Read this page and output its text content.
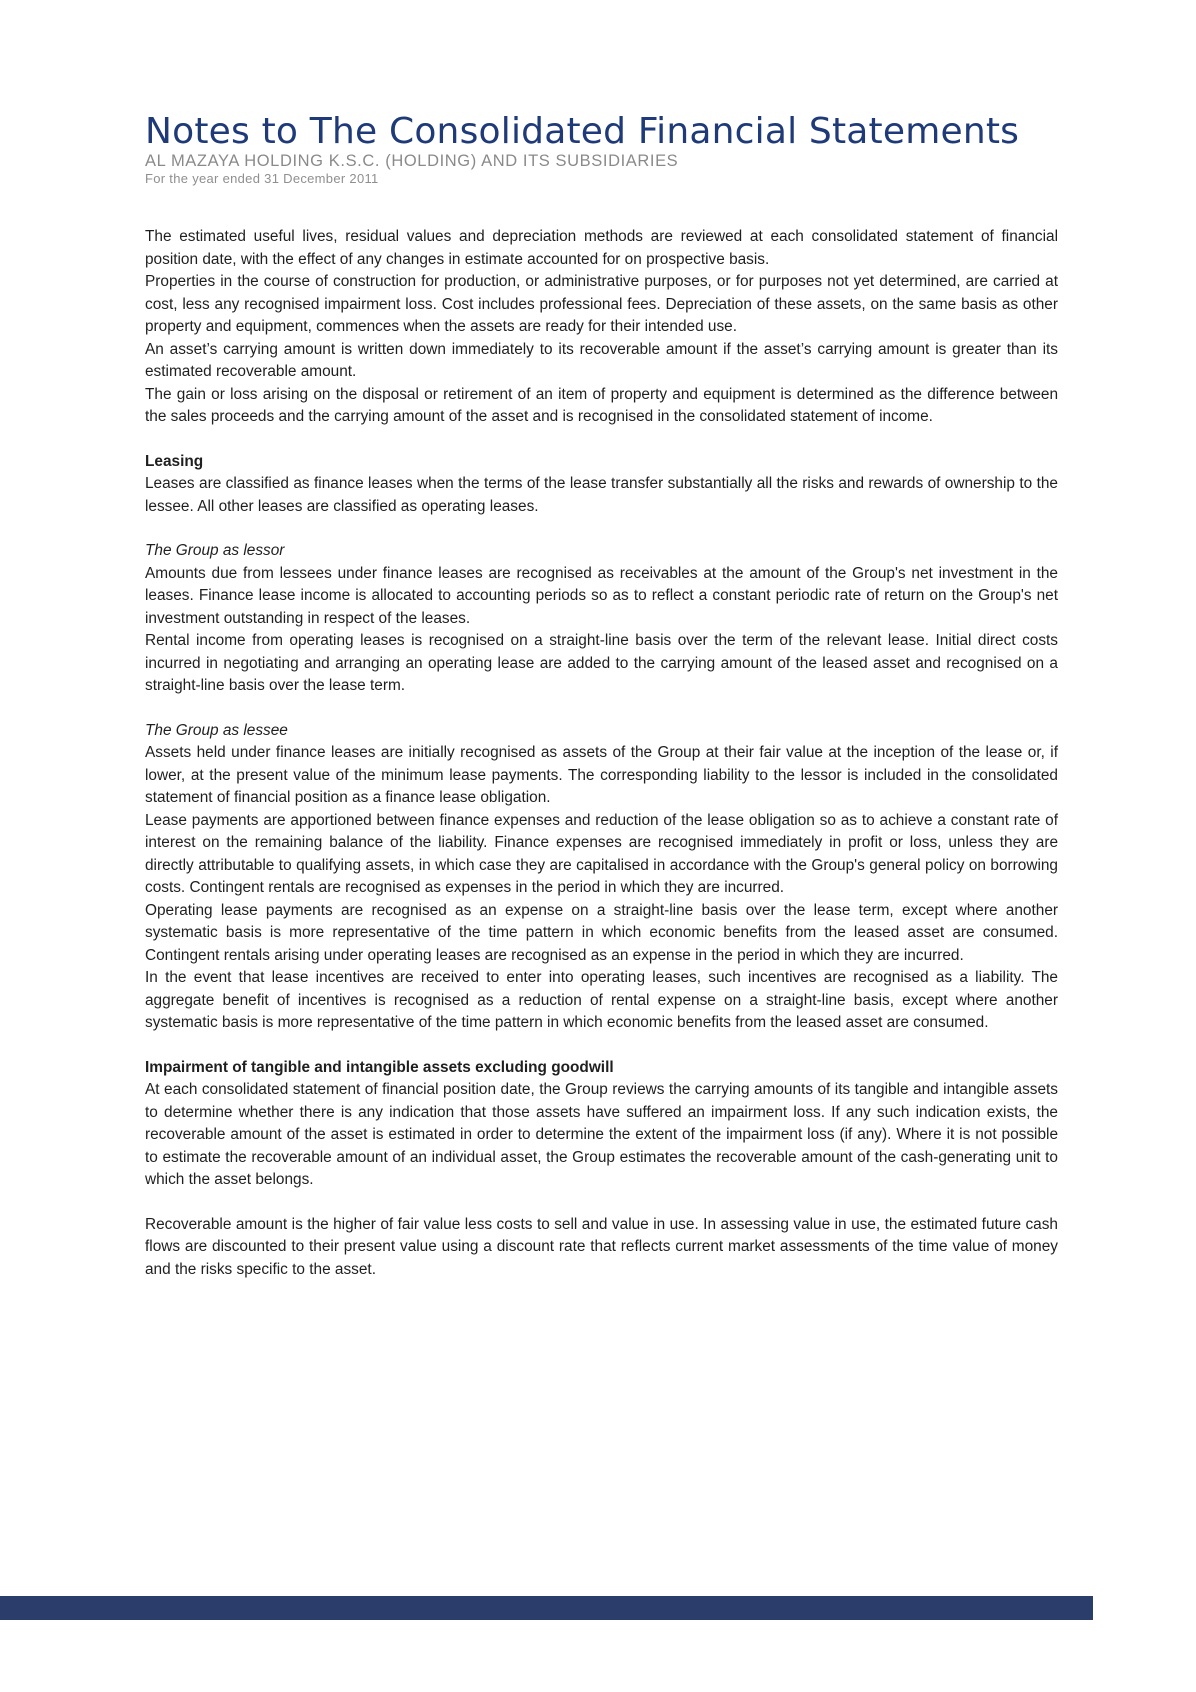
Notes to The Consolidated Financial Statements
AL MAZAYA HOLDING K.S.C. (HOLDING) AND ITS SUBSIDIARIES
For the year ended 31 December 2011

The estimated useful lives, residual values and depreciation methods are reviewed at each consolidated statement of financial position date, with the effect of any changes in estimate accounted for on prospective basis.

Properties in the course of construction for production, or administrative purposes, or for purposes not yet determined, are carried at cost, less any recognised impairment loss. Cost includes professional fees. Depreciation of these assets, on the same basis as other property and equipment, commences when the assets are ready for their intended use.

An asset’s carrying amount is written down immediately to its recoverable amount if the asset’s carrying amount is greater than its estimated recoverable amount.

The gain or loss arising on the disposal or retirement of an item of property and equipment is determined as the difference between the sales proceeds and the carrying amount of the asset and is recognised in the consolidated statement of income.

Leasing

Leases are classified as finance leases when the terms of the lease transfer substantially all the risks and rewards of ownership to the lessee. All other leases are classified as operating leases.

The Group as lessor

Amounts due from lessees under finance leases are recognised as receivables at the amount of the Group's net investment in the leases. Finance lease income is allocated to accounting periods so as to reflect a constant periodic rate of return on the Group's net investment outstanding in respect of the leases.

Rental income from operating leases is recognised on a straight-line basis over the term of the relevant lease. Initial direct costs incurred in negotiating and arranging an operating lease are added to the carrying amount of the leased asset and recognised on a straight-line basis over the lease term.

The Group as lessee

Assets held under finance leases are initially recognised as assets of the Group at their fair value at the inception of the lease or, if lower, at the present value of the minimum lease payments. The corresponding liability to the lessor is included in the consolidated statement of financial position as a finance lease obligation.

Lease payments are apportioned between finance expenses and reduction of the lease obligation so as to achieve a constant rate of interest on the remaining balance of the liability. Finance expenses are recognised immediately in profit or loss, unless they are directly attributable to qualifying assets, in which case they are capitalised in accordance with the Group's general policy on borrowing costs. Contingent rentals are recognised as expenses in the period in which they are incurred.

Operating lease payments are recognised as an expense on a straight-line basis over the lease term, except where another systematic basis is more representative of the time pattern in which economic benefits from the leased asset are consumed. Contingent rentals arising under operating leases are recognised as an expense in the period in which they are incurred.

In the event that lease incentives are received to enter into operating leases, such incentives are recognised as a liability. The aggregate benefit of incentives is recognised as a reduction of rental expense on a straight-line basis, except where another systematic basis is more representative of the time pattern in which economic benefits from the leased asset are consumed.

Impairment of tangible and intangible assets excluding goodwill

At each consolidated statement of financial position date, the Group reviews the carrying amounts of its tangible and intangible assets to determine whether there is any indication that those assets have suffered an impairment loss. If any such indication exists, the recoverable amount of the asset is estimated in order to determine the extent of the impairment loss (if any). Where it is not possible to estimate the recoverable amount of an individual asset, the Group estimates the recoverable amount of the cash-generating unit to which the asset belongs.

Recoverable amount is the higher of fair value less costs to sell and value in use. In assessing value in use, the estimated future cash flows are discounted to their present value using a discount rate that reflects current market assessments of the time value of money and the risks specific to the asset.
